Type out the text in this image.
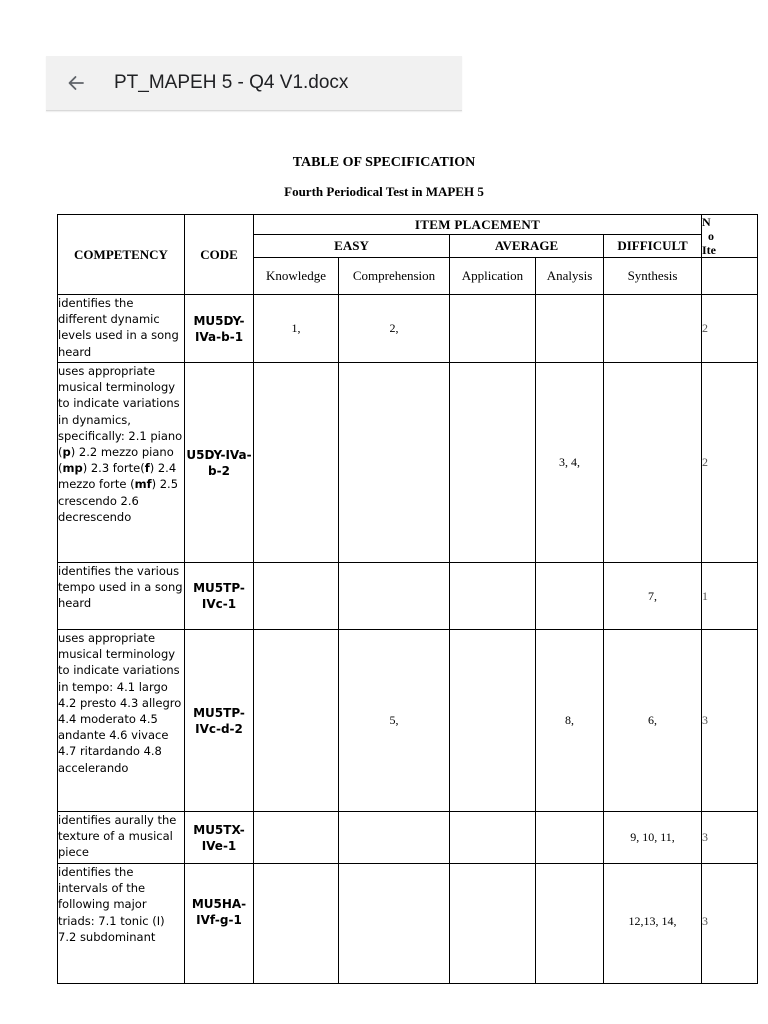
PT_MAPEH 5 - Q4 V1.docx
TABLE OF SPECIFICATION
Fourth Periodical Test in MAPEH 5
COMPETENCY	CODE	ITEM PLACEMENT					N
o
Ite
		EASY		AVERAGE		DIFFICULT	
		Knowledge	Comprehension	Application	Analysis	Synthesis	
identifies the different dynamic levels used in a song heard	MU5DY-IVa-b-1	1,	2,				2
uses appropriate musical terminology to indicate variations in dynamics, specifically: 2.1 piano (p) 2.2 mezzo piano (mp) 2.3 forte(f) 2.4 mezzo forte (mf) 2.5 crescendo 2.6 decrescendo	U5DY-IVa-b-2				3, 4,		2
identifies the various tempo used in a song heard	MU5TP-IVc-1					7,	1
uses appropriate musical terminology to indicate variations in tempo: 4.1 largo 4.2 presto 4.3 allegro 4.4 moderato 4.5 andante 4.6 vivace 4.7 ritardando 4.8 accelerando	MU5TP-IVc-d-2		5,		8,	6,	3
identifies aurally the texture of a musical piece	MU5TX-IVe-1					9, 10, 11,	3
identifies the intervals of the following major triads: 7.1 tonic (I) 7.2 subdominant	MU5HA-IVf-g-1					12,13, 14,	3
